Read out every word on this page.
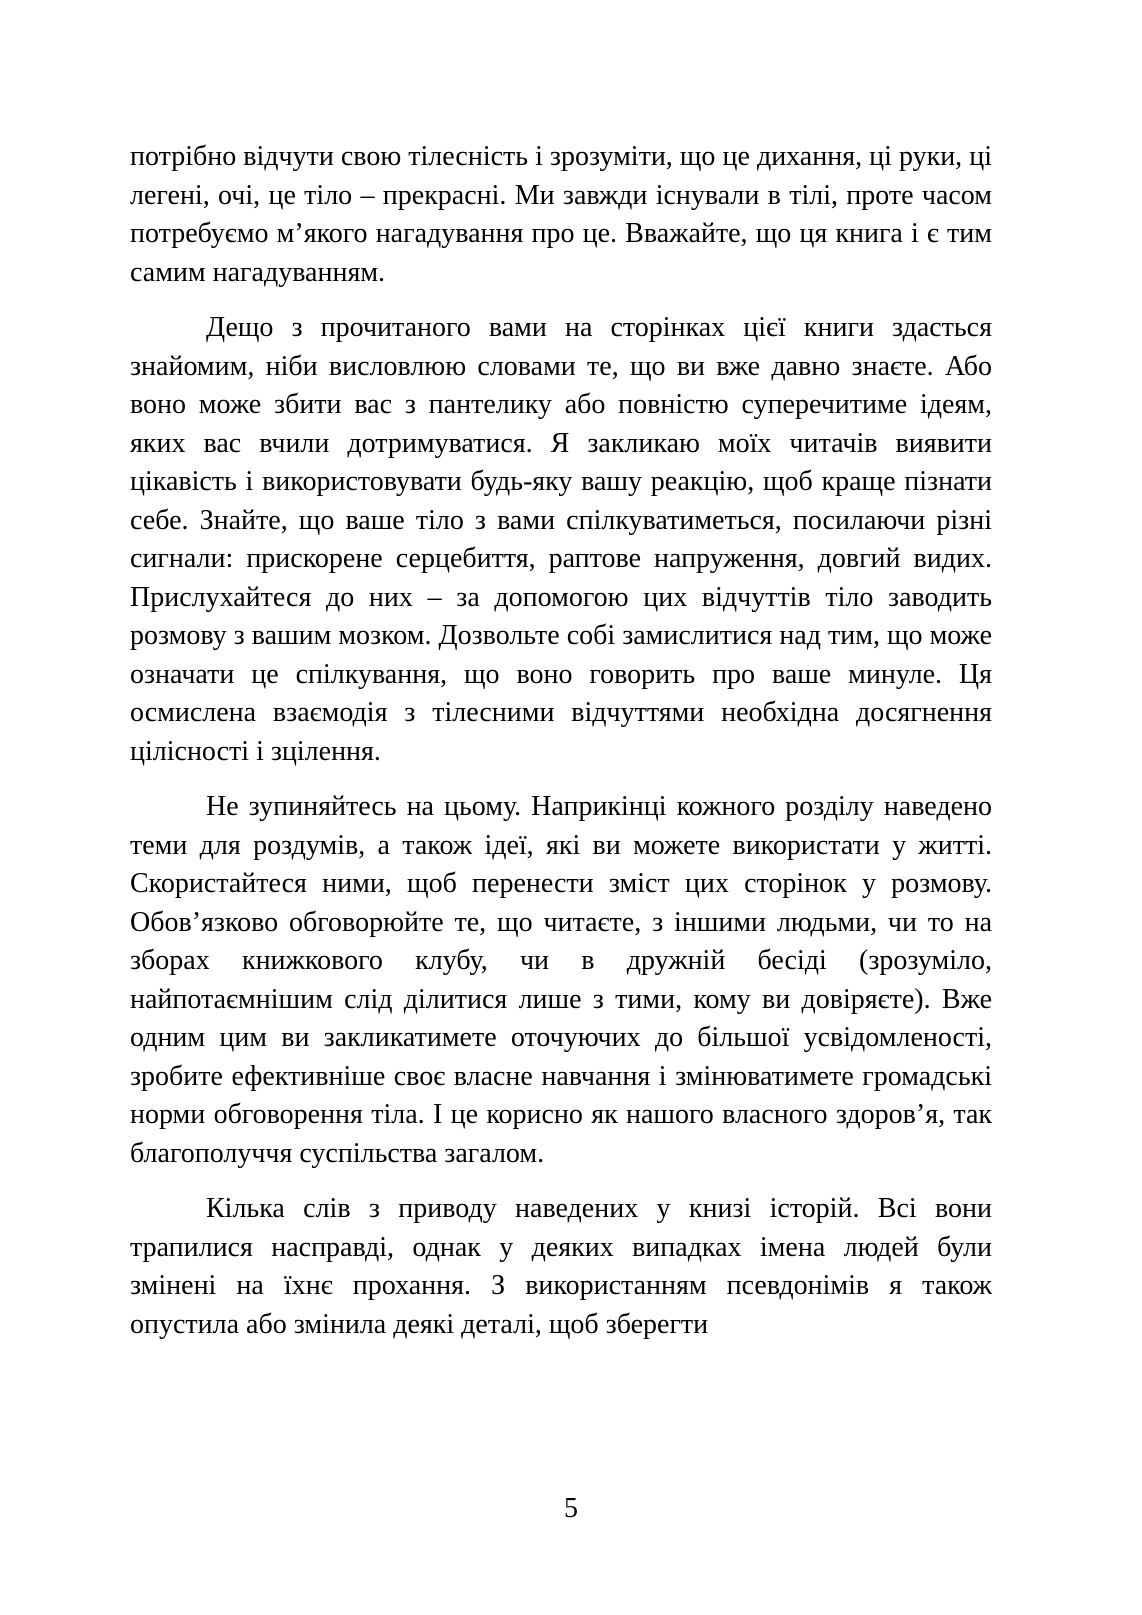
потрібно відчути свою тілесність і зрозуміти, що це дихання, ці руки, ці легені, очі, це тіло – прекрасні. Ми завжди існували в тілі, проте часом потребуємо м’якого нагадування про це. Вважайте, що ця книга і є тим самим нагадуванням.

Дещо з прочитаного вами на сторінках цієї книги здасться знайомим, ніби висловлюю словами те, що ви вже давно знаєте. Або воно може збити вас з пантелику або повністю суперечитиме ідеям, яких вас вчили дотримуватися. Я закликаю моїх читачів виявити цікавість і використовувати будь-яку вашу реакцію, щоб краще пізнати себе. Знайте, що ваше тіло з вами спілкуватиметься, посилаючи різні сигнали: прискорене серцебиття, раптове напруження, довгий видих. Прислухайтеся до них – за допомогою цих відчуттів тіло заводить розмову з вашим мозком. Дозвольте собі замислитися над тим, що може означати це спілкування, що воно говорить про ваше минуле. Ця осмислена взаємодія з тілесними відчуттями необхідна досягнення цілісності і зцілення.

Не зупиняйтесь на цьому. Наприкінці кожного розділу наведено теми для роздумів, а також ідеї, які ви можете використати у житті. Скористайтеся ними, щоб перенести зміст цих сторінок у розмову. Обов’язково обговорюйте те, що читаєте, з іншими людьми, чи то на зборах книжкового клубу, чи в дружній бесіді (зрозуміло, найпотаємнішим слід ділитися лише з тими, кому ви довіряєте). Вже одним цим ви закликатимете оточуючих до більшої усвідомленості, зробите ефективніше своє власне навчання і змінюватимете громадські норми обговорення тіла. І це корисно як нашого власного здоров’я, так благополуччя суспільства загалом.

Кілька слів з приводу наведених у книзі історій. Всі вони трапилися насправді, однак у деяких випадках імена людей були змінені на їхнє прохання. З використанням псевдонімів я також опустила або змінила деякі деталі, щоб зберегти

5
